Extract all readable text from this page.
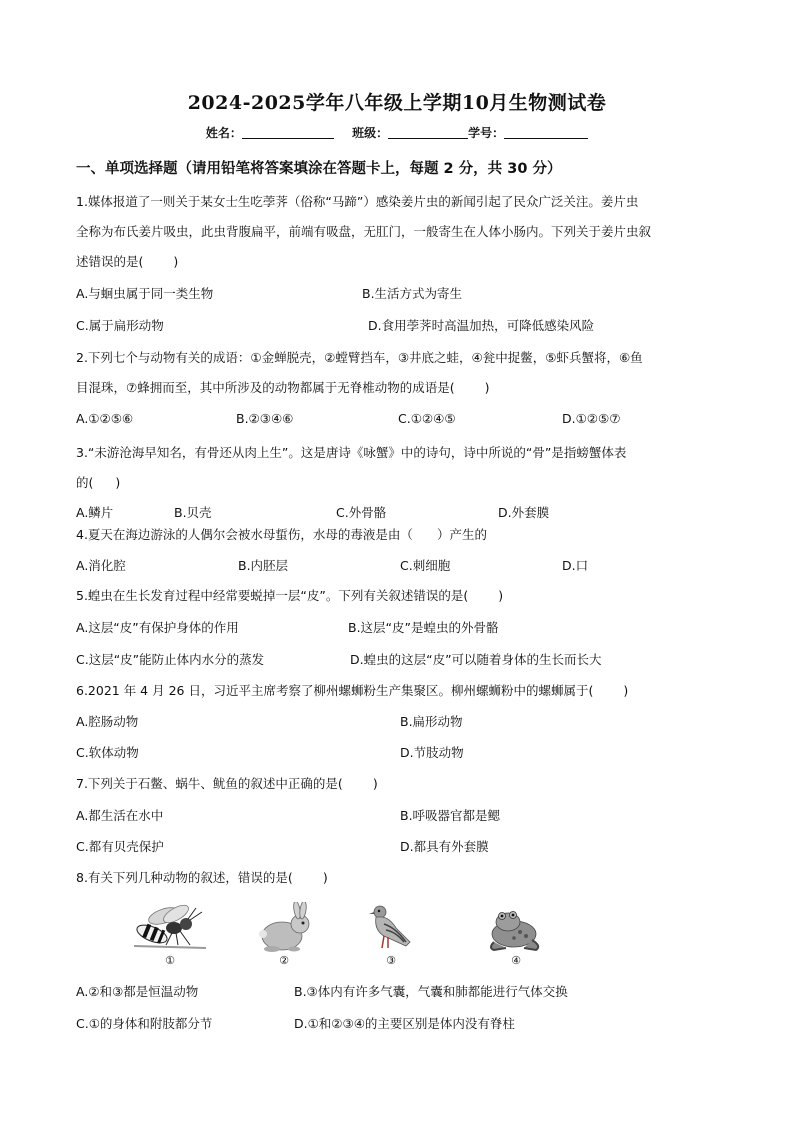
2024-2025学年八年级上学期10月生物测试卷
姓名：	班级：	学号：
一、单项选择题（请用铅笔将答案填涂在答题卡上，每题 2 分，共 30 分）
1.媒体报道了一则关于某女士生吃荸荠（俗称“马蹄”）感染姜片虫的新闻引起了民众广泛关注。姜片虫
全称为布氏姜片吸虫，此虫背腹扁平，前端有吸盘，无肛门，一般寄生在人体小肠内。下列关于姜片虫叙
述错误的是( )
A.与蛔虫属于同一类生物	B.生活方式为寄生
C.属于扁形动物	D.食用荸荠时高温加热，可降低感染风险
2.下列七个与动物有关的成语：①金蝉脱壳，②螳臂挡车，③井底之蛙，④瓮中捉鳖，⑤虾兵蟹将，⑥鱼
目混珠，⑦蜂拥而至，其中所涉及的动物都属于无脊椎动物的成语是( )
A.①②⑤⑥	B.②③④⑥	C.①②④⑤	D.①②⑤⑦
3.“未游沧海早知名，有骨还从肉上生”。这是唐诗《咏蟹》中的诗句，诗中所说的“骨”是指螃蟹体表
的( )
A.鳞片	B.贝壳	C.外骨骼	D.外套膜
4.夏天在海边游泳的人偶尔会被水母蜇伤，水母的毒液是由（ ）产生的
A.消化腔	B.内胚层	C.刺细胞	D.口
5.蝗虫在生长发育过程中经常要蜕掉一层“皮”。下列有关叙述错误的是( )
A.这层“皮”有保护身体的作用	B.这层“皮”是蝗虫的外骨骼
C.这层“皮”能防止体内水分的蒸发	D.蝗虫的这层“皮”可以随着身体的生长而长大
6.2021 年 4 月 26 日，习近平主席考察了柳州螺蛳粉生产集聚区。柳州螺蛳粉中的螺蛳属于( )
A.腔肠动物	B.扁形动物
C.软体动物	D.节肢动物
7.下列关于石鳖、蜗牛、鱿鱼的叙述中正确的是( )
A.都生活在水中	B.呼吸器官都是鳃
C.都有贝壳保护	D.都具有外套膜
8.有关下列几种动物的叙述，错误的是( )
①	②	③	④
A.②和③都是恒温动物	B.③体内有许多气囊，气囊和肺都能进行气体交换
C.①的身体和附肢都分节	D.①和②③④的主要区别是体内没有脊柱
